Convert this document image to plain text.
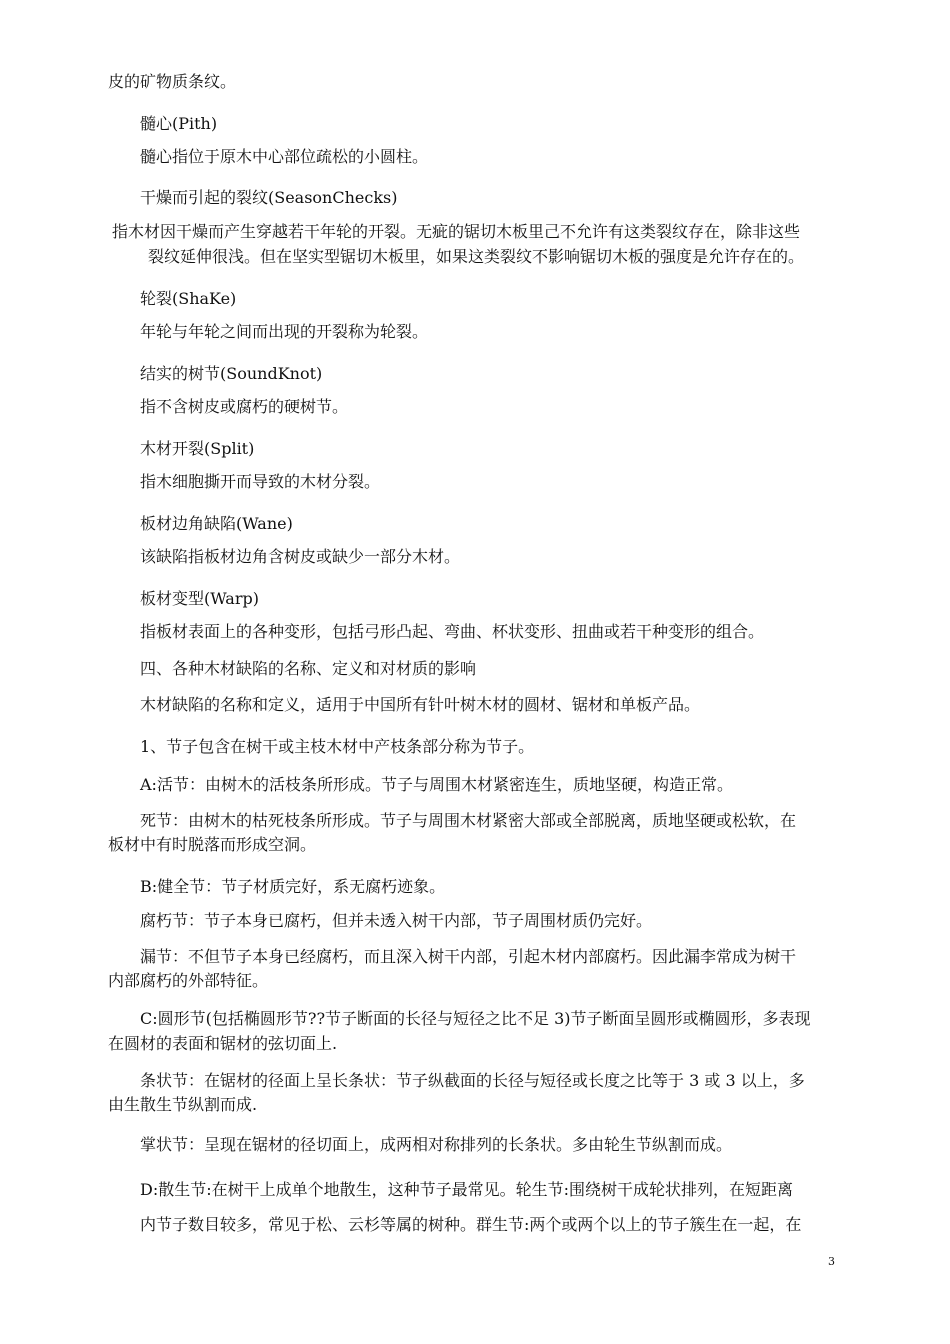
皮的矿物质条纹。
髓心(Pith)
髓心指位于原木中心部位疏松的小圆柱。
干燥而引起的裂纹(SeasonChecks)
指木材因干燥而产生穿越若干年轮的开裂。无疵的锯切木板里己不允许有这类裂纹存在，除非这些
裂纹延伸很浅。但在坚实型锯切木板里，如果这类裂纹不影响锯切木板的强度是允许存在的。
轮裂(ShaKe)
年轮与年轮之间而出现的开裂称为轮裂。
结实的树节(SoundKnot)
指不含树皮或腐朽的硬树节。
木材开裂(Split)
指木细胞撕开而导致的木材分裂。
板材边角缺陷(Wane)
该缺陷指板材边角含树皮或缺少一部分木材。
板材变型(Warp)
指板材表面上的各种变形，包括弓形凸起、弯曲、杯状变形、扭曲或若干种变形的组合。
四、各种木材缺陷的名称、定义和对材质的影响
木材缺陷的名称和定义，适用于中国所有针叶树木材的圆材、锯材和单板产品。
1、节子包含在树干或主枝木材中产枝条部分称为节子。
A:活节：由树木的活枝条所形成。节子与周围木材紧密连生，质地坚硬，构造正常。
死节：由树木的枯死枝条所形成。节子与周围木材紧密大部或全部脱离，质地坚硬或松软，在
板材中有时脱落而形成空洞。
B:健全节：节子材质完好，系无腐朽迹象。
腐朽节：节子本身已腐朽，但并未透入树干内部，节子周围材质仍完好。
漏节：不但节子本身已经腐朽，而且深入树干内部，引起木材内部腐朽。因此漏李常成为树干
内部腐朽的外部特征。
C:圆形节(包括椭圆形节??节子断面的长径与短径之比不足 3)节子断面呈圆形或椭圆形，多表现
在圆材的表面和锯材的弦切面上.
条状节：在锯材的径面上呈长条状：节子纵截面的长径与短径或长度之比等于 3 或 3 以上，多
由生散生节纵割而成.
掌状节：呈现在锯材的径切面上，成两相对称排列的长条状。多由轮生节纵割而成。
D:散生节:在树干上成单个地散生，这种节子最常见。轮生节:围绕树干成轮状排列，在短距离
内节子数目较多，常见于松、云杉等属的树种。群生节:两个或两个以上的节子簇生在一起，在
3
